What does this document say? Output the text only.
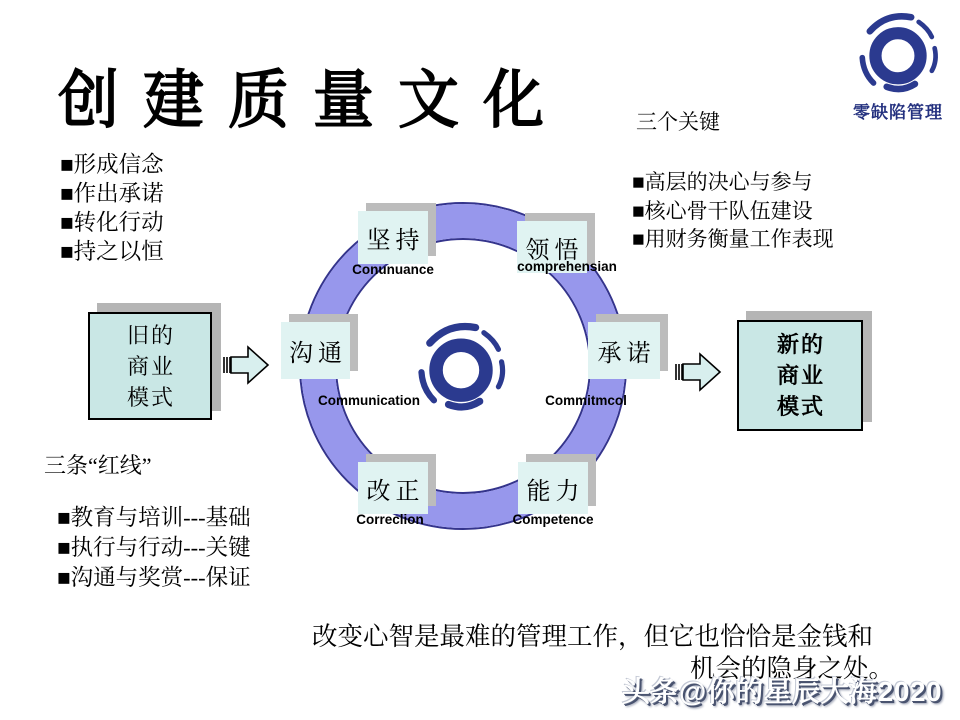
创建质量文化	零缺陷管理
■形成信念
■作出承诺
■转化行动
■持之以恒
三个关键
■高层的决心与参与
■核心骨干队伍建设
■用财务衡量工作表现
坚持
Conunuance
领悟
comprehensian
沟通
Communication
承诺
Commitmcol
改正
Correclion
能力
Competence
旧的
商业
模式
新的
商业
模式
三条“红线”
■教育与培训---基础
■执行与行动---关键
■沟通与奖赏---保证
改变心智是最难的管理工作，但它也恰恰是金钱和
机会的隐身之处。
头条@你的星辰大海2020
